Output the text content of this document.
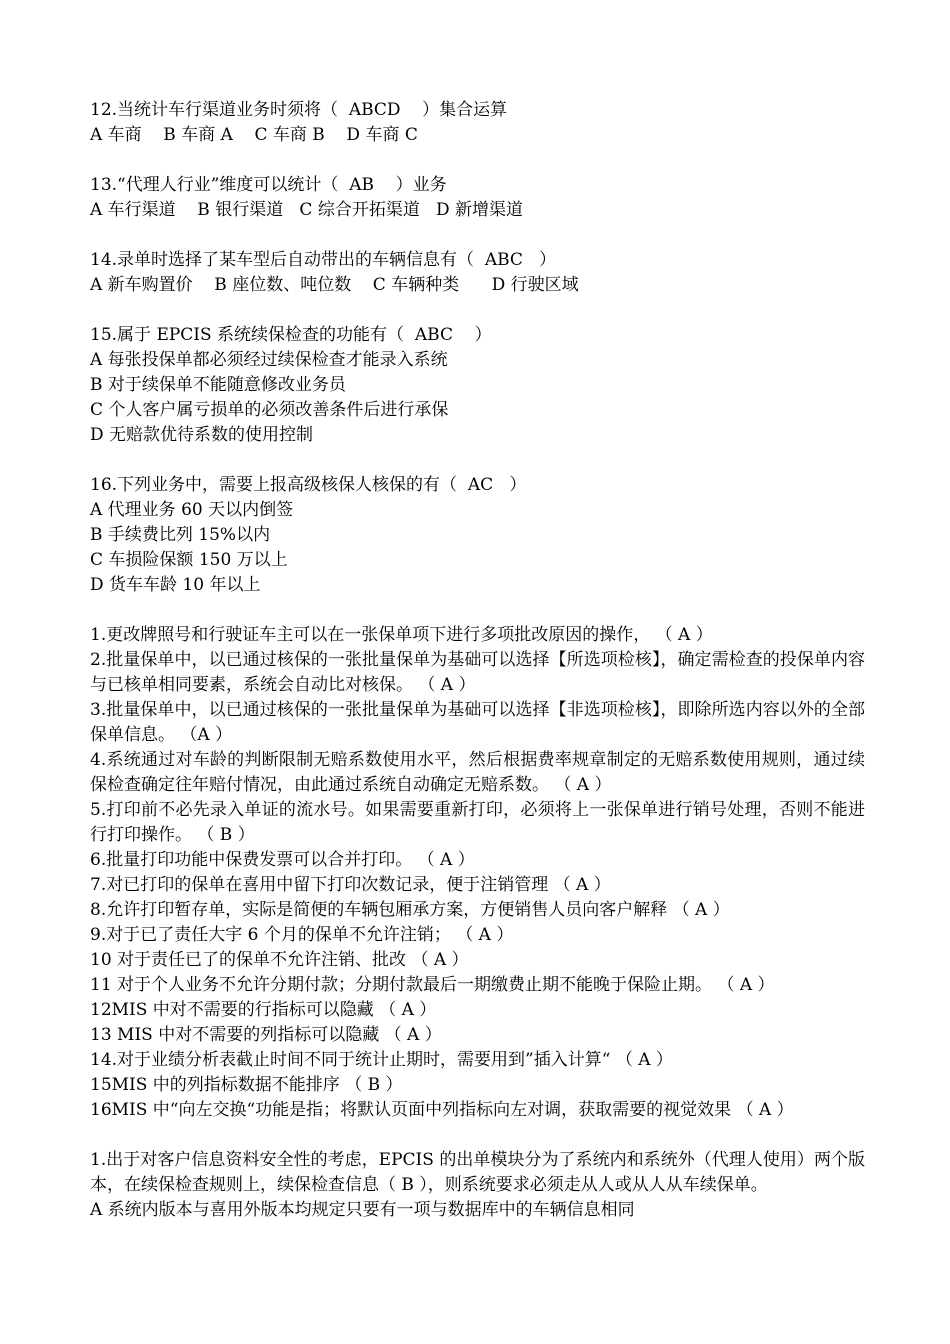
12.当统计车行渠道业务时须将（  ABCD    ）集合运算
A 车商    B 车商 A    C 车商 B    D 车商 C
13.“代理人行业”维度可以统计（  AB    ）业务
A 车行渠道    B 银行渠道   C 综合开拓渠道   D 新增渠道
14.录单时选择了某车型后自动带出的车辆信息有（  ABC   ）
A 新车购置价    B 座位数、吨位数    C 车辆种类      D 行驶区域
15.属于 EPCIS 系统续保检查的功能有（  ABC    ）
A 每张投保单都必须经过续保检查才能录入系统
B 对于续保单不能随意修改业务员
C 个人客户属亏损单的必须改善条件后进行承保
D 无赔款优待系数的使用控制
16.下列业务中，需要上报高级核保人核保的有（  AC   ）
A 代理业务 60 天以内倒签
B 手续费比列 15%以内
C 车损险保额 150 万以上
D 货车车龄 10 年以上
1.更改牌照号和行驶证车主可以在一张保单项下进行多项批改原因的操作， （ A ）
2.批量保单中，以已通过核保的一张批量保单为基础可以选择【所选项检核】，确定需检查的投保单内容与已核单相同要素，系统会自动比对核保。 （ A ）
3.批量保单中，以已通过核保的一张批量保单为基础可以选择【非选项检核】，即除所选内容以外的全部保单信息。 （A ）
4.系统通过对车龄的判断限制无赔系数使用水平，然后根据费率规章制定的无赔系数使用规则，通过续保检查确定往年赔付情况，由此通过系统自动确定无赔系数。 （ A ）
5.打印前不必先录入单证的流水号。如果需要重新打印，必须将上一张保单进行销号处理，否则不能进行打印操作。 （ B ）
6.批量打印功能中保费发票可以合并打印。 （ A ）
7.对已打印的保单在喜用中留下打印次数记录，便于注销管理 （ A ）
8.允许打印暂存单，实际是简便的车辆包厢承方案，方便销售人员向客户解释 （ A ）
9.对于已了责任大宇 6 个月的保单不允许注销； （ A ）
10 对于责任已了的保单不允许注销、批改 （ A ）
11 对于个人业务不允许分期付款；分期付款最后一期缴费止期不能晚于保险止期。 （ A ）
12MIS 中对不需要的行指标可以隐藏 （ A ）
13 MIS 中对不需要的列指标可以隐藏 （ A ）
14.对于业绩分析表截止时间不同于统计止期时，需要用到”插入计算“ （ A ）
15MIS 中的列指标数据不能排序 （ B ）
16MIS 中“向左交换“功能是指；将默认页面中列指标向左对调，获取需要的视觉效果 （ A ）
1.出于对客户信息资料安全性的考虑，EPCIS 的出单模块分为了系统内和系统外（代理人使用）两个版本，在续保检查规则上，续保检查信息（ B ），则系统要求必须走从人或从人从车续保单。
A 系统内版本与喜用外版本均规定只要有一项与数据库中的车辆信息相同
